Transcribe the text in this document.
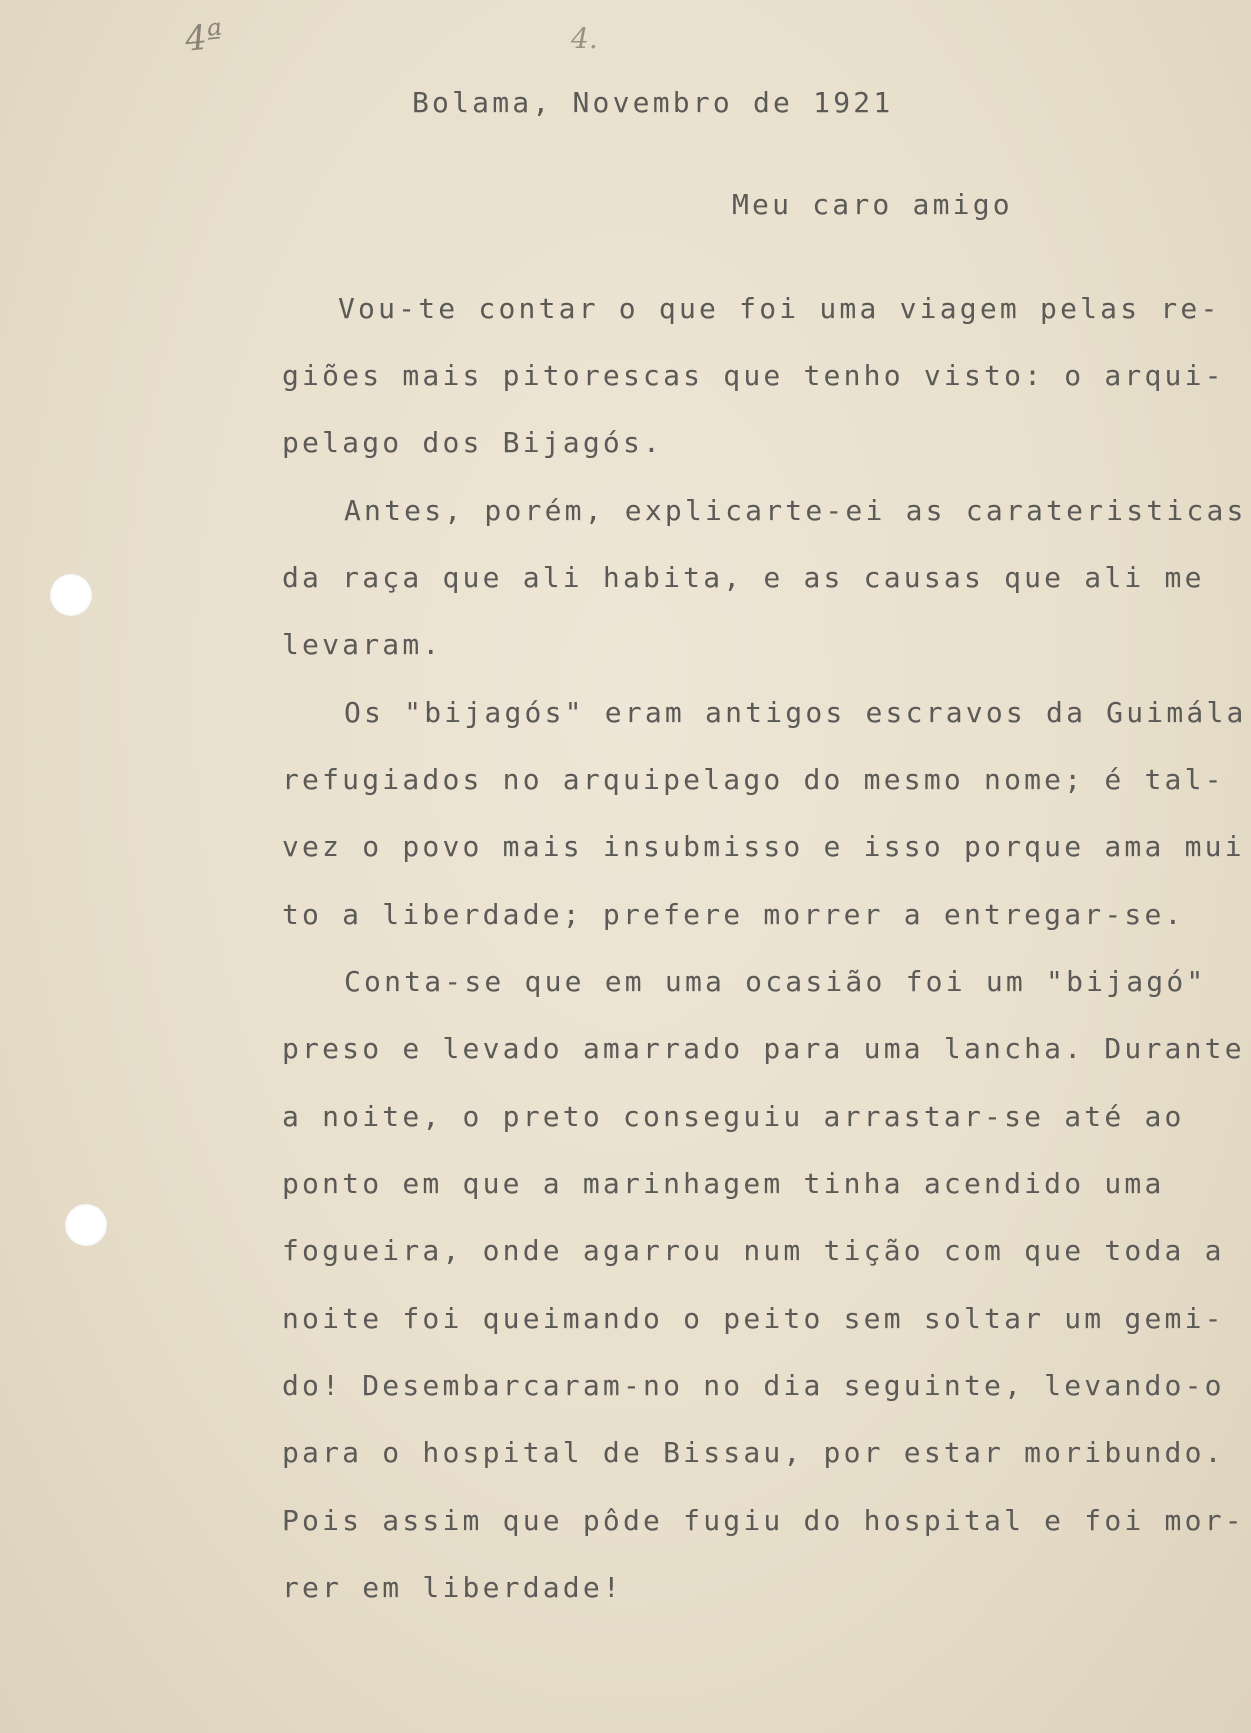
4ª	4.

Bolama, Novembro de 1921

Meu caro amigo

Vou-te contar o que foi uma viagem pelas re-

giões mais pitorescas que tenho visto: o arqui-

pelago dos Bijagós.

Antes, porém, explicarte-ei as carateristicas

da raça que ali habita, e as causas que ali me

levaram.

Os "bijagós" eram antigos escravos da Guimála

refugiados no arquipelago do mesmo nome; é tal-

vez o povo mais insubmisso e isso porque ama mui

to a liberdade; prefere morrer a entregar-se.

Conta-se que em uma ocasião foi um "bijagó"

preso e levado amarrado para uma lancha. Durante

a noite, o preto conseguiu arrastar-se até ao

ponto em que a marinhagem tinha acendido uma

fogueira, onde agarrou num tição com que toda a

noite foi queimando o peito sem soltar um gemi-

do! Desembarcaram-no no dia seguinte, levando-o

para o hospital de Bissau, por estar moribundo.

Pois assim que pôde fugiu do hospital e foi mor-

rer em liberdade!
